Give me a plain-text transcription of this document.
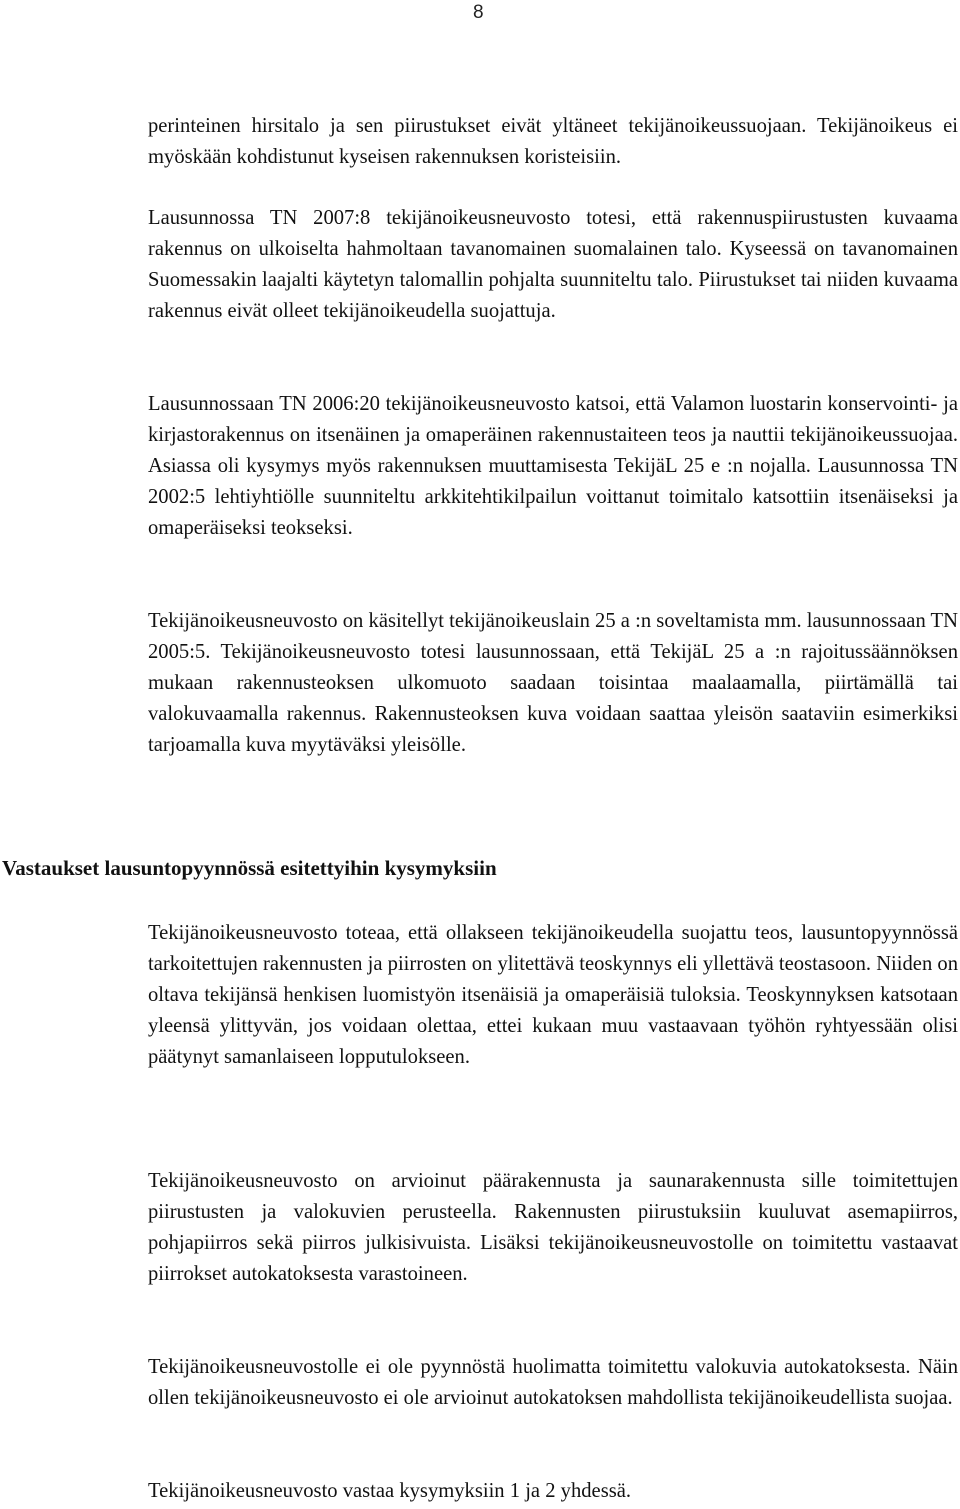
8

perinteinen hirsitalo ja sen piirustukset eivät yltäneet tekijänoikeussuojaan. Tekijänoikeus ei myöskään kohdistunut kyseisen rakennuksen koristeisiin.

Lausunnossa TN 2007:8 tekijänoikeusneuvosto totesi, että rakennuspiirustusten kuvaama rakennus on ulkoiselta hahmoltaan tavanomainen suomalainen talo. Kyseessä on tavanomainen Suomessakin laajalti käytetyn talomallin pohjalta suunniteltu talo. Piirustukset tai niiden kuvaama rakennus eivät olleet tekijänoikeudella suojattuja.

Lausunnossaan TN 2006:20 tekijänoikeusneuvosto katsoi, että Valamon luostarin konservointi- ja kirjastorakennus on itsenäinen ja omaperäinen rakennustaiteen teos ja nauttii tekijänoikeussuojaa. Asiassa oli kysymys myös rakennuksen muuttamisesta TekijäL 25 e :n nojalla. Lausunnossa TN 2002:5 lehtiyhtiölle suunniteltu arkkitehtikilpailun voittanut toimitalo katsottiin itsenäiseksi ja omaperäiseksi teokseksi.

Tekijänoikeusneuvosto on käsitellyt tekijänoikeuslain 25 a :n soveltamista mm. lausunnossaan TN 2005:5. Tekijänoikeusneuvosto totesi lausunnossaan, että TekijäL 25 a :n rajoitussäännöksen mukaan rakennusteoksen ulkomuoto saadaan toisintaa maalaamalla, piirtämällä tai valokuvaamalla rakennus. Rakennusteoksen kuva voidaan saattaa yleisön saataviin esimerkiksi tarjoamalla kuva myytäväksi yleisölle.

Vastaukset lausuntopyynnössä esitettyihin kysymyksiin

Tekijänoikeusneuvosto toteaa, että ollakseen tekijänoikeudella suojattu teos, lausuntopyynnössä tarkoitettujen rakennusten ja piirrosten on ylitettävä teoskynnys eli yllettävä teostasoon. Niiden on oltava tekijänsä henkisen luomistyön itsenäisiä ja omaperäisiä tuloksia. Teoskynnyksen katsotaan yleensä ylittyvän, jos voidaan olettaa, ettei kukaan muu vastaavaan työhön ryhtyessään olisi päätynyt samanlaiseen lopputulokseen.

Tekijänoikeusneuvosto on arvioinut päärakennusta ja saunarakennusta sille toimitettujen piirustusten ja valokuvien perusteella. Rakennusten piirustuksiin kuuluvat asemapiirros, pohjapiirros sekä piirros julkisivuista. Lisäksi tekijänoikeusneuvostolle on toimitettu vastaavat piirrokset autokatoksesta varastoineen.

Tekijänoikeusneuvostolle ei ole pyynnöstä huolimatta toimitettu valokuvia autokatoksesta. Näin ollen tekijänoikeusneuvosto ei ole arvioinut autokatoksen mahdollista tekijänoikeudellista suojaa.

Tekijänoikeusneuvosto vastaa kysymyksiin 1 ja 2 yhdessä.
